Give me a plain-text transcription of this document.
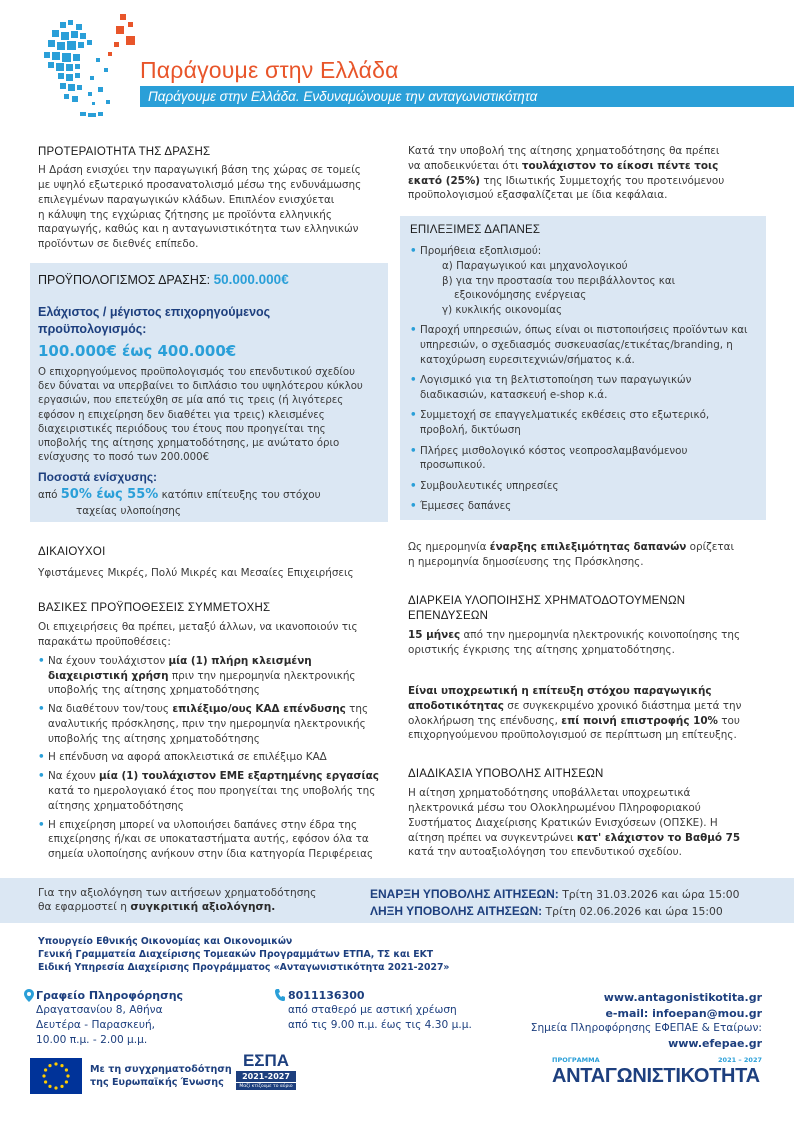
Παράγουμε στην Ελλάδα
Παράγουμε στην Ελλάδα. Ενδυναμώνουμε την ανταγωνιστικότητα
ΠΡΟΤΕΡΑΙΟΤΗΤΑ ΤΗΣ ΔΡΑΣΗΣ
Η Δράση ενισχύει την παραγωγική βάση της χώρας σε τομείς
με υψηλό εξωτερικό προσανατολισμό μέσω της ενδυνάμωσης
επιλεγμένων παραγωγικών κλάδων. Επιπλέον ενισχύεται
η κάλυψη της εγχώριας ζήτησης με προϊόντα ελληνικής
παραγωγής, καθώς και η ανταγωνιστικότητα των ελληνικών
προϊόντων σε διεθνές επίπεδο.
ΠΡΟΫΠΟΛΟΓΙΣΜΟΣ ΔΡΑΣΗΣ: 50.000.000€
Ελάχιστος / μέγιστος επιχορηγούμενος
προϋπολογισμός:
100.000€ έως 400.000€
Ο επιχορηγούμενος προϋπολογισμός του επενδυτικού σχεδίου
δεν δύναται να υπερβαίνει το διπλάσιο του υψηλότερου κύκλου
εργασιών, που επετεύχθη σε μία από τις τρεις (ή λιγότερες
εφόσον η επιχείρηση δεν διαθέτει για τρεις) κλεισμένες
διαχειριστικές περιόδους του έτους που προηγείται της
υποβολής της αίτησης χρηματοδότησης, με ανώτατο όριο
ενίσχυσης το ποσό των 200.000€
Ποσοστά ενίσχυσης:
από 50% έως 55% κατόπιν επίτευξης του στόχου
ταχείας υλοποίησης
ΔΙΚΑΙΟΥΧΟΙ
Υφιστάμενες Μικρές, Πολύ Μικρές και Μεσαίες Επιχειρήσεις
ΒΑΣΙΚΕΣ ΠΡΟΫΠΟΘΕΣΕΙΣ ΣΥΜΜΕΤΟΧΗΣ
Οι επιχειρήσεις θα πρέπει, μεταξύ άλλων, να ικανοποιούν τις
παρακάτω προϋποθέσεις:
• Να έχουν τουλάχιστον μία (1) πλήρη κλεισμένη διαχειριστική χρήση πριν την ημερομηνία ηλεκτρονικής υποβολής της αίτησης χρηματοδότησης
• Να διαθέτουν τον/τους επιλέξιμο/ους ΚΑΔ επένδυσης της αναλυτικής πρόσκλησης, πριν την ημερομηνία ηλεκτρονικής υποβολής της αίτησης χρηματοδότησης
• Η επένδυση να αφορά αποκλειστικά σε επιλέξιμο ΚΑΔ
• Να έχουν μία (1) τουλάχιστον ΕΜΕ εξαρτημένης εργασίας κατά το ημερολογιακό έτος που προηγείται της υποβολής της αίτησης χρηματοδότησης
• Η επιχείρηση μπορεί να υλοποιήσει δαπάνες στην έδρα της επιχείρησης ή/και σε υποκαταστήματα αυτής, εφόσον όλα τα σημεία υλοποίησης ανήκουν στην ίδια κατηγορία Περιφέρειας
Κατά την υποβολή της αίτησης χρηματοδότησης θα πρέπει
να αποδεικνύεται ότι τουλάχιστον το είκοσι πέντε τοις
εκατό (25%) της Ιδιωτικής Συμμετοχής του προτεινόμενου
προϋπολογισμού εξασφαλίζεται με ίδια κεφάλαια.
ΕΠΙΛΕΞΙΜΕΣ ΔΑΠΑΝΕΣ
• Προμήθεια εξοπλισμού:
α) Παραγωγικού και μηχανολογικού
β) για την προστασία του περιβάλλοντος και
εξοικονόμησης ενέργειας
γ) κυκλικής οικονομίας
• Παροχή υπηρεσιών, όπως είναι οι πιστοποιήσεις προϊόντων και υπηρεσιών, ο σχεδιασμός συσκευασίας/ετικέτας/branding, η κατοχύρωση ευρεσιτεχνιών/σήματος κ.ά.
• Λογισμικό για τη βελτιστοποίηση των παραγωγικών διαδικασιών, κατασκευή e-shop κ.ά.
• Συμμετοχή σε επαγγελματικές εκθέσεις στο εξωτερικό, προβολή, δικτύωση
• Πλήρες μισθολογικό κόστος νεοπροσλαμβανόμενου προσωπικού.
• Συμβουλευτικές υπηρεσίες
• Έμμεσες δαπάνες
Ως ημερομηνία έναρξης επιλεξιμότητας δαπανών ορίζεται
η ημερομηνία δημοσίευσης της Πρόσκλησης.
ΔΙΑΡΚΕΙΑ ΥΛΟΠΟΙΗΣΗΣ ΧΡΗΜΑΤΟΔΟΤΟΥΜΕΝΩΝ
ΕΠΕΝΔΥΣΕΩΝ
15 μήνες από την ημερομηνία ηλεκτρονικής κοινοποίησης της
οριστικής έγκρισης της αίτησης χρηματοδότησης.
Είναι υποχρεωτική η επίτευξη στόχου παραγωγικής
αποδοτικότητας σε συγκεκριμένο χρονικό διάστημα μετά την
ολοκλήρωση της επένδυσης, επί ποινή επιστροφής 10% του
επιχορηγούμενου προϋπολογισμού σε περίπτωση μη επίτευξης.
ΔΙΑΔΙΚΑΣΙΑ ΥΠΟΒΟΛΗΣ ΑΙΤΗΣΕΩΝ
Η αίτηση χρηματοδότησης υποβάλλεται υποχρεωτικά
ηλεκτρονικά μέσω του Ολοκληρωμένου Πληροφοριακού
Συστήματος Διαχείρισης Κρατικών Ενισχύσεων (ΟΠΣΚΕ). Η
αίτηση πρέπει να συγκεντρώνει κατ' ελάχιστον το Βαθμό 75
κατά την αυτοαξιολόγηση του επενδυτικού σχεδίου.
Για την αξιολόγηση των αιτήσεων χρηματοδότησης
θα εφαρμοστεί η συγκριτική αξιολόγηση.
ΕΝΑΡΞΗ ΥΠΟΒΟΛΗΣ ΑΙΤΗΣΕΩΝ: Τρίτη 31.03.2026 και ώρα 15:00
ΛΗΞΗ ΥΠΟΒΟΛΗΣ ΑΙΤΗΣΕΩΝ: Τρίτη 02.06.2026 και ώρα 15:00
Υπουργείο Εθνικής Οικονομίας και Οικονομικών
Γενική Γραμματεία Διαχείρισης Τομεακών Προγραμμάτων ΕΤΠΑ, ΤΣ και ΕΚΤ
Ειδική Υπηρεσία Διαχείρισης Προγράμματος «Ανταγωνιστικότητα 2021-2027»
Γραφείο Πληροφόρησης
Δραγατσανίου 8, Αθήνα
Δευτέρα - Παρασκευή,
10.00 π.μ. - 2.00 μ.μ.
8011136300
από σταθερό με αστική χρέωση
από τις 9.00 π.μ. έως τις 4.30 μ.μ.
www.antagonistikotita.gr
e-mail: infoepan@mou.gr
Σημεία Πληροφόρησης ΕΦΕΠΑΕ & Εταίρων:
www.efepae.gr
Με τη συγχρηματοδότηση
της Ευρωπαϊκής Ένωσης
ΕΣΠΑ
2021-2027
Μαζί κτίζουμε το αύριο
ΠΡΟΓΡΑΜΜΑ	2021 – 2027
ΑΝΤΑΓΩΝΙΣΤΙΚΟΤΗΤΑ
